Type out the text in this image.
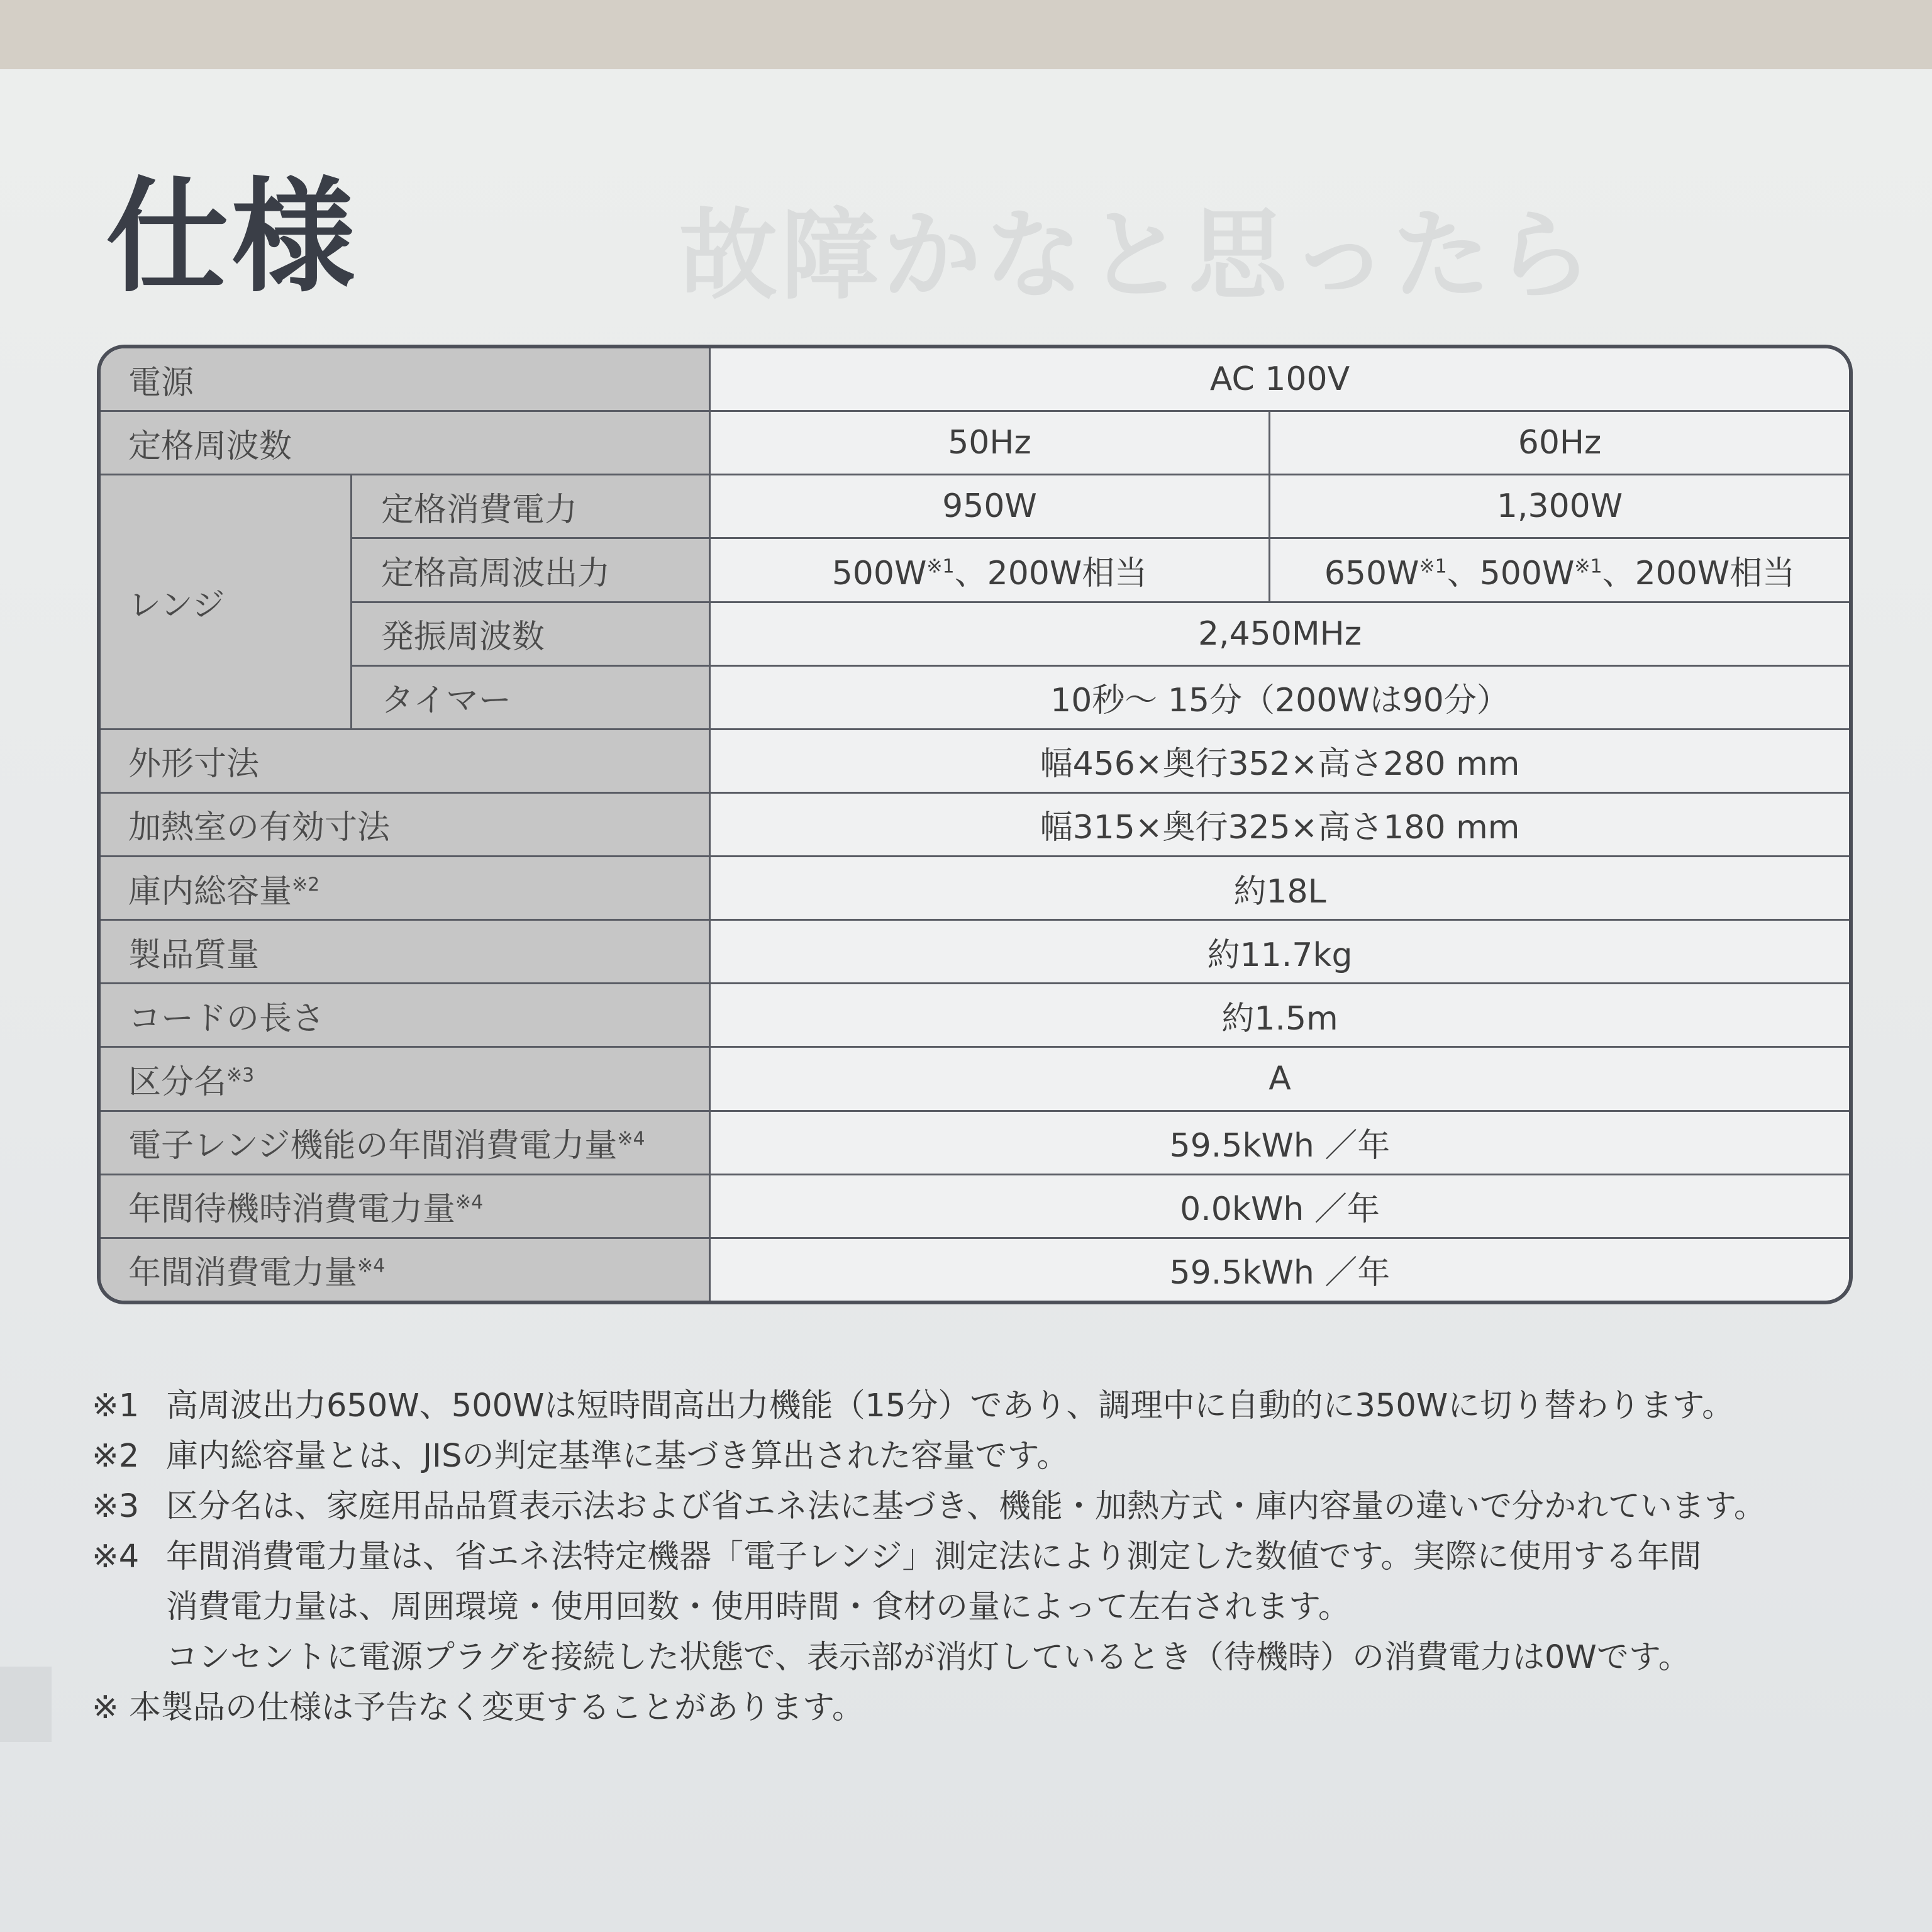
故障かなと思ったら
仕様
電源		AC 100V	
定格周波数		50Hz	60Hz
レンジ	定格消費電力	950W	1,300W
	定格高周波出力	$500W^{※1}$、200W相当	$650W^{※1}$、$500W^{※1}$、200W相当
	発振周波数	2,450MHz	
	タイマー	10秒～ 15分（200Wは90分）	
外形寸法		幅456×奥行352×高さ280 mm	
加熱室の有効寸法		幅315×奥行325×高さ180 mm	
庫内総容量$^{※2}$		約18L	
製品質量		約11.7kg	
コードの長さ		約1.5m	
区分名$^{※3}$		A	
電子レンジ機能の年間消費電力量$^{※4}$		59.5kWh ／年	
年間待機時消費電力量$^{※4}$		0.0kWh ／年	
年間消費電力量$^{※4}$		59.5kWh ／年	
※1 高周波出力650W、500Wは短時間高出力機能（15分）であり、調理中に自動的に350Wに切り替わります。
※2 庫内総容量とは、JISの判定基準に基づき算出された容量です。
※3 区分名は、家庭用品品質表示法および省エネ法に基づき、機能・加熱方式・庫内容量の違いで分かれています。
※4 年間消費電力量は、省エネ法特定機器「電子レンジ」測定法により測定した数値です。実際に使用する年間
消費電力量は、周囲環境・使用回数・使用時間・食材の量によって左右されます。
コンセントに電源プラグを接続した状態で、表示部が消灯しているとき（待機時）の消費電力は0Wです。
※ 本製品の仕様は予告なく変更することがあります。
